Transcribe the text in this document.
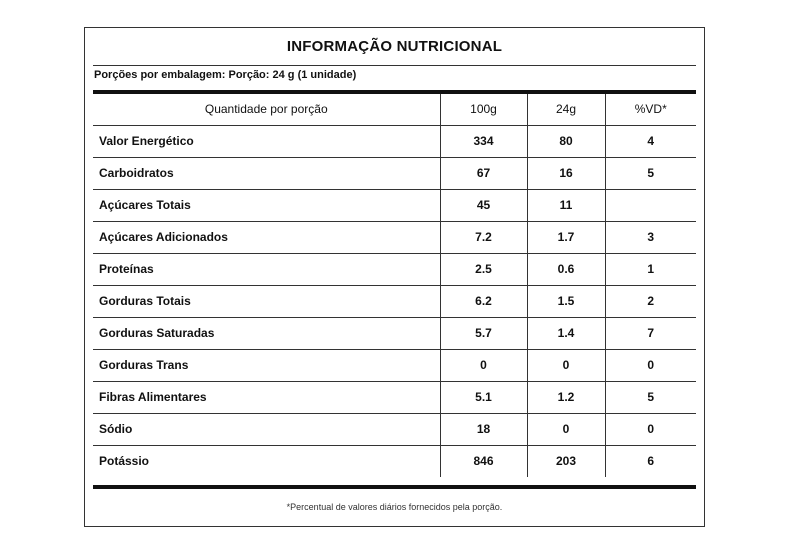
INFORMAÇÃO NUTRICIONAL
Porções por embalagem: Porção: 24 g (1 unidade)
Quantidade por porção	100g	24g	%VD*
Valor Energético	334	80	4
Carboidratos	67	16	5
Açúcares Totais	45	11	
Açúcares Adicionados	7.2	1.7	3
Proteínas	2.5	0.6	1
Gorduras Totais	6.2	1.5	2
Gorduras Saturadas	5.7	1.4	7
Gorduras Trans	0	0	0
Fibras Alimentares	5.1	1.2	5
Sódio	18	0	0
Potássio	846	203	6
*Percentual de valores diários fornecidos pela porção.
